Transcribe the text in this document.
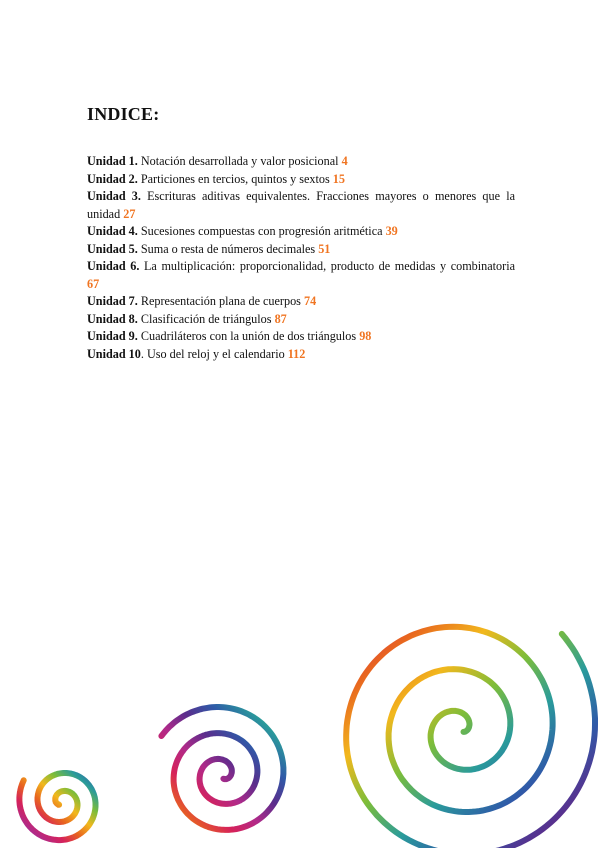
INDICE:

Unidad 1. Notación desarrollada y valor posicional 4

Unidad 2. Particiones en tercios, quintos y sextos 15

Unidad 3. Escrituras aditivas equivalentes. Fracciones mayores o menores que la unidad 27

Unidad 4. Sucesiones compuestas con progresión aritmética 39

Unidad 5. Suma o resta de números decimales 51

Unidad 6. La multiplicación: proporcionalidad, producto de medidas y combinatoria 67

Unidad 7. Representación plana de cuerpos 74

Unidad 8. Clasificación de triángulos 87

Unidad 9. Cuadriláteros con la unión de dos triángulos 98

Unidad 10. Uso del reloj y el calendario 112
